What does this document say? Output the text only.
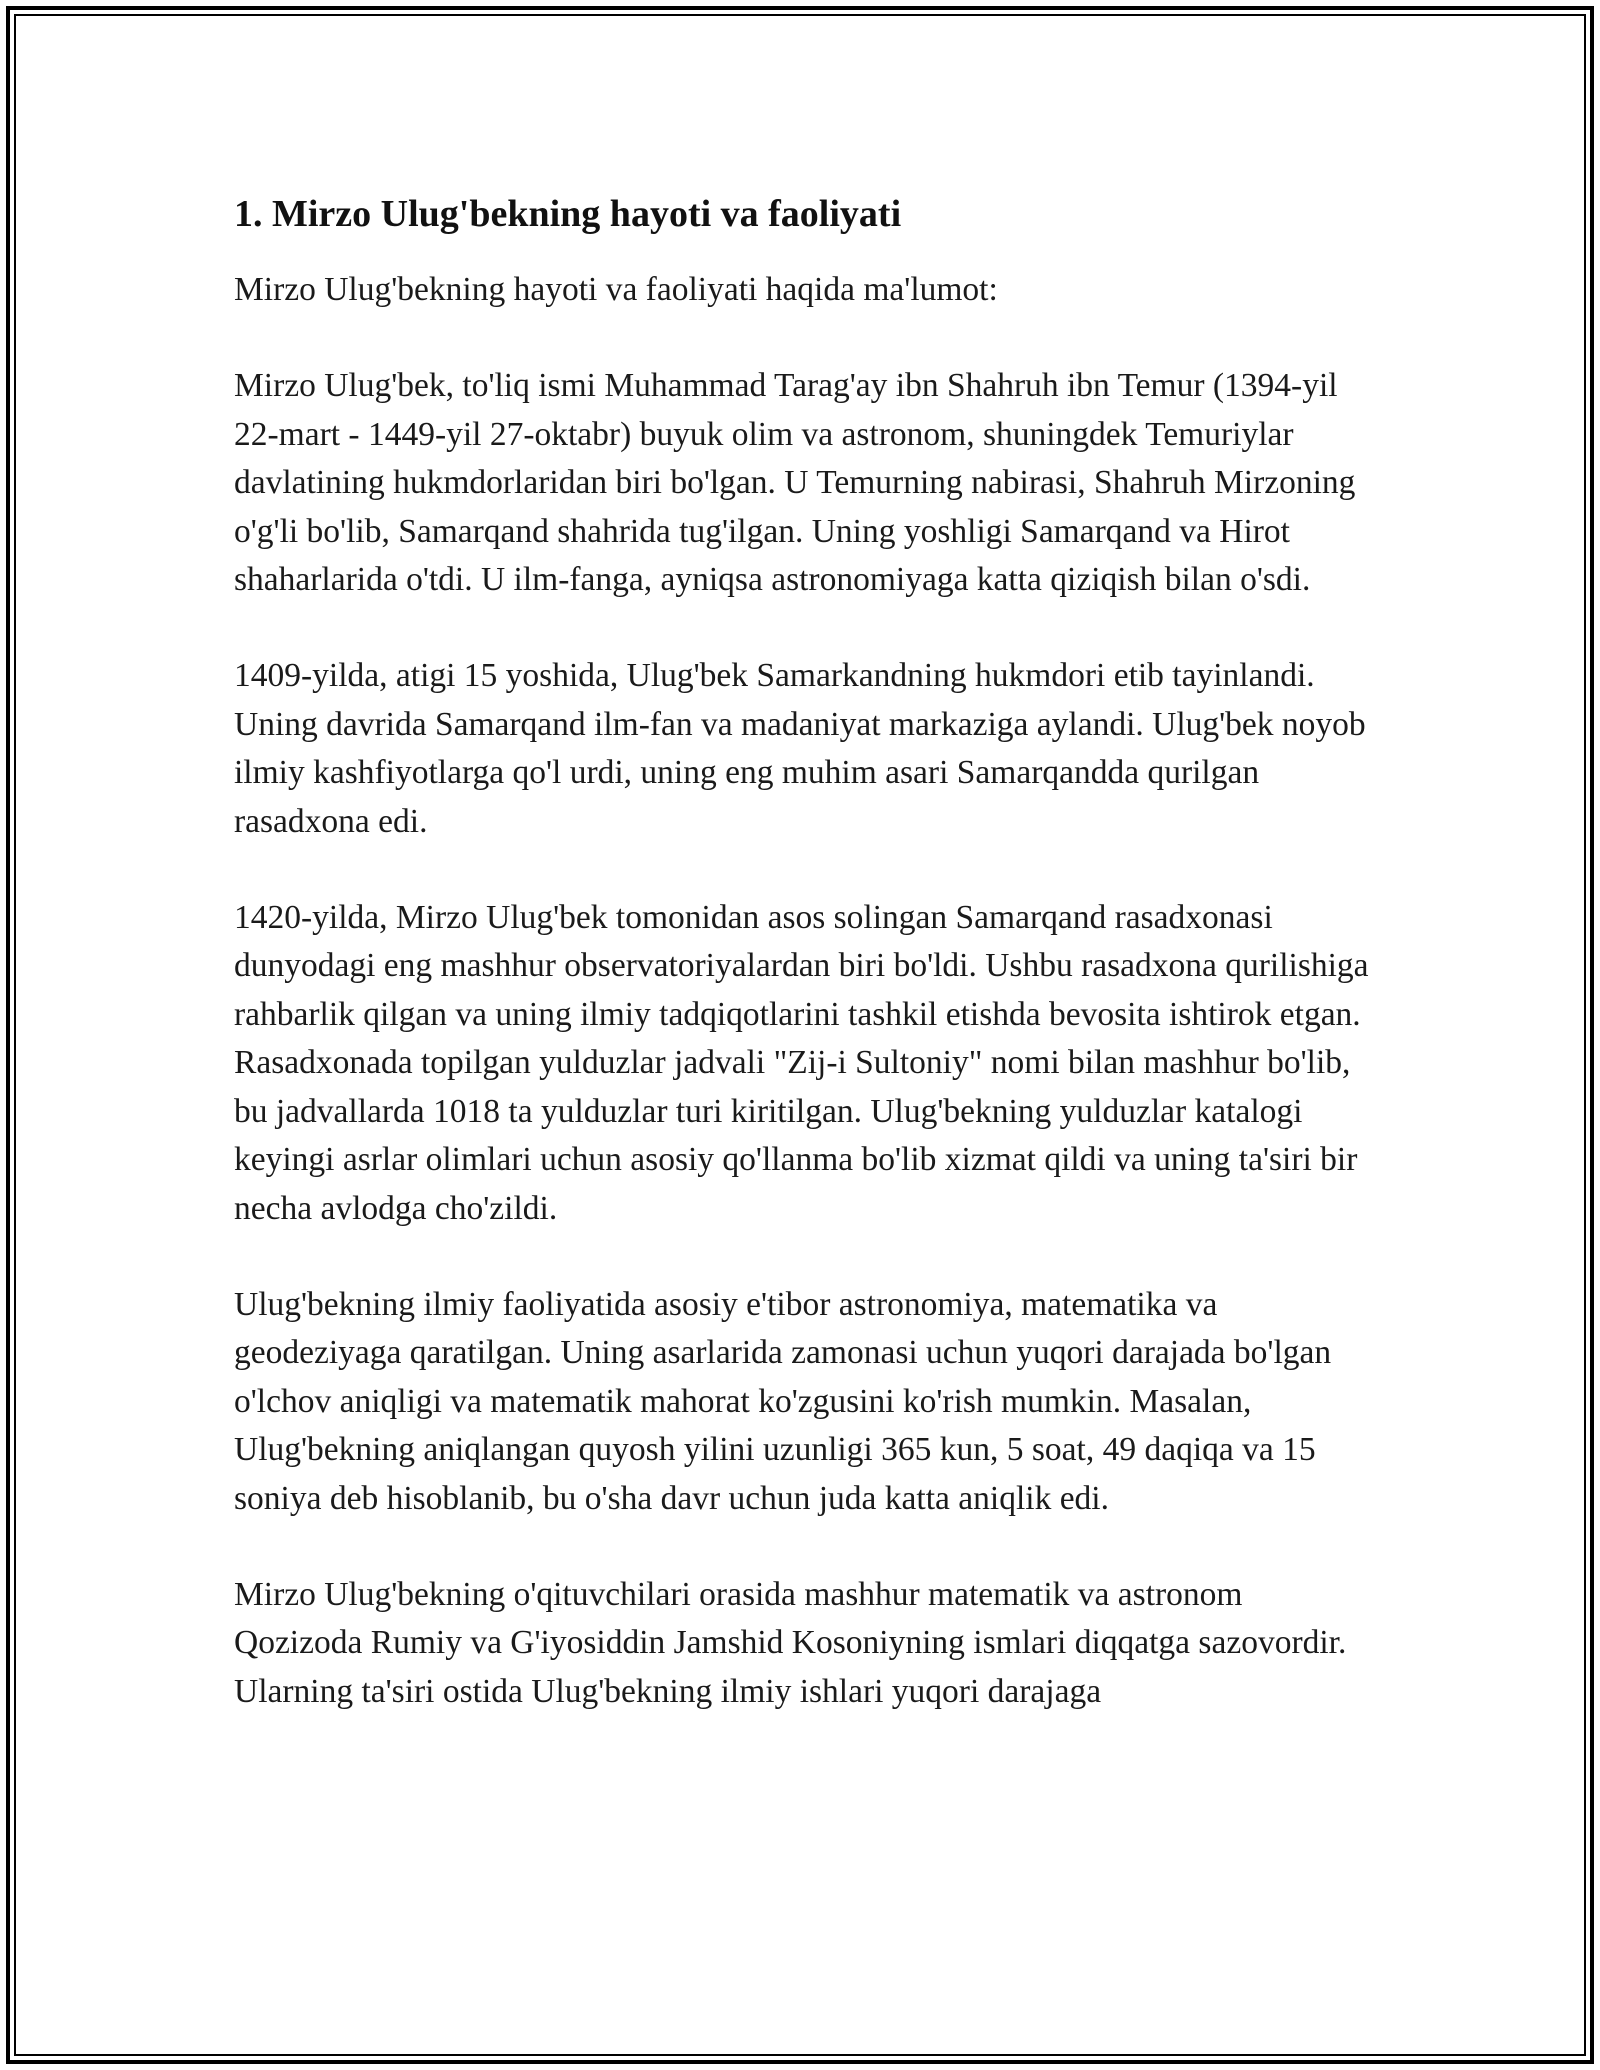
1. Mirzo Ulug'bekning hayoti va faoliyati

Mirzo Ulug'bekning hayoti va faoliyati haqida ma'lumot:

Mirzo Ulug'bek, to'liq ismi Muhammad Tarag'ay ibn Shahruh ibn Temur (1394-yil 22-mart - 1449-yil 27-oktabr) buyuk olim va astronom, shuningdek Temuriylar davlatining hukmdorlaridan biri bo'lgan. U Temurning nabirasi, Shahruh Mirzoning o'g'li bo'lib, Samarqand shahrida tug'ilgan. Uning yoshligi Samarqand va Hirot shaharlarida o'tdi. U ilm-fanga, ayniqsa astronomiyaga katta qiziqish bilan o'sdi.

1409-yilda, atigi 15 yoshida, Ulug'bek Samarkandning hukmdori etib tayinlandi. Uning davrida Samarqand ilm-fan va madaniyat markaziga aylandi. Ulug'bek noyob ilmiy kashfiyotlarga qo'l urdi, uning eng muhim asari Samarqandda qurilgan rasadxona edi.

1420-yilda, Mirzo Ulug'bek tomonidan asos solingan Samarqand rasadxonasi dunyodagi eng mashhur observatoriyalardan biri bo'ldi. Ushbu rasadxona qurilishiga rahbarlik qilgan va uning ilmiy tadqiqotlarini tashkil etishda bevosita ishtirok etgan. Rasadxonada topilgan yulduzlar jadvali "Zij-i Sultoniy" nomi bilan mashhur bo'lib, bu jadvallarda 1018 ta yulduzlar turi kiritilgan. Ulug'bekning yulduzlar katalogi keyingi asrlar olimlari uchun asosiy qo'llanma bo'lib xizmat qildi va uning ta'siri bir necha avlodga cho'zildi.

Ulug'bekning ilmiy faoliyatida asosiy e'tibor astronomiya, matematika va geodeziyaga qaratilgan. Uning asarlarida zamonasi uchun yuqori darajada bo'lgan o'lchov aniqligi va matematik mahorat ko'zgusini ko'rish mumkin. Masalan, Ulug'bekning aniqlangan quyosh yilini uzunligi 365 kun, 5 soat, 49 daqiqa va 15 soniya deb hisoblanib, bu o'sha davr uchun juda katta aniqlik edi.

Mirzo Ulug'bekning o'qituvchilari orasida mashhur matematik va astronom Qozizoda Rumiy va G'iyosiddin Jamshid Kosoniyning ismlari diqqatga sazovordir. Ularning ta'siri ostida Ulug'bekning ilmiy ishlari yuqori darajaga
